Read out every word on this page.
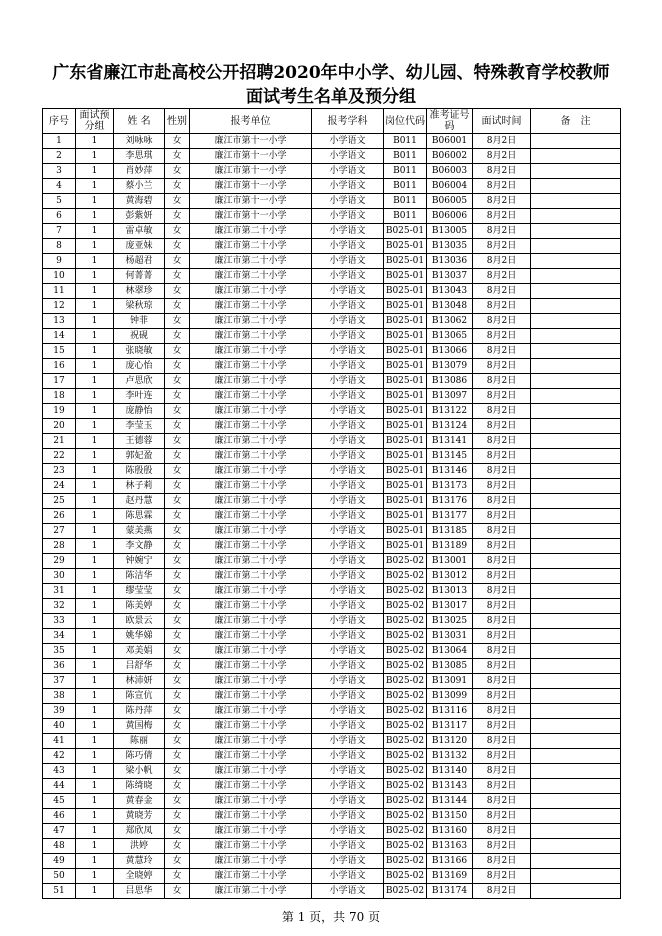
广东省廉江市赴高校公开招聘2020年中小学、幼儿园、特殊教育学校教师
面试考生名单及预分组
序号	面试预分组	姓 名	性别	报考单位	报考学科	岗位代码	准考证号码	面试时间	备　注
1	1	刘咏咏	女	廉江市第十一小学	小学语文	B011	B06001	8月2日	
2	1	李思琪	女	廉江市第十一小学	小学语文	B011	B06002	8月2日	
3	1	肖妙萍	女	廉江市第十一小学	小学语文	B011	B06003	8月2日	
4	1	蔡小兰	女	廉江市第十一小学	小学语文	B011	B06004	8月2日	
5	1	黄海碧	女	廉江市第十一小学	小学语文	B011	B06005	8月2日	
6	1	彭紫妍	女	廉江市第十一小学	小学语文	B011	B06006	8月2日	
7	1	雷卓敏	女	廉江市第二十小学	小学语文	B025-01	B13005	8月2日	
8	1	庞亚妹	女	廉江市第二十小学	小学语文	B025-01	B13035	8月2日	
9	1	杨超君	女	廉江市第二十小学	小学语文	B025-01	B13036	8月2日	
10	1	何菁菁	女	廉江市第二十小学	小学语文	B025-01	B13037	8月2日	
11	1	林翠珍	女	廉江市第二十小学	小学语文	B025-01	B13043	8月2日	
12	1	梁秋琼	女	廉江市第二十小学	小学语文	B025-01	B13048	8月2日	
13	1	钟菲	女	廉江市第二十小学	小学语文	B025-01	B13062	8月2日	
14	1	祝砚	女	廉江市第二十小学	小学语文	B025-01	B13065	8月2日	
15	1	张晓敏	女	廉江市第二十小学	小学语文	B025-01	B13066	8月2日	
16	1	庞心怡	女	廉江市第二十小学	小学语文	B025-01	B13079	8月2日	
17	1	卢思欣	女	廉江市第二十小学	小学语文	B025-01	B13086	8月2日	
18	1	李叶连	女	廉江市第二十小学	小学语文	B025-01	B13097	8月2日	
19	1	庞静怡	女	廉江市第二十小学	小学语文	B025-01	B13122	8月2日	
20	1	李莹玉	女	廉江市第二十小学	小学语文	B025-01	B13124	8月2日	
21	1	王德蓉	女	廉江市第二十小学	小学语文	B025-01	B13141	8月2日	
22	1	郭妃盈	女	廉江市第二十小学	小学语文	B025-01	B13145	8月2日	
23	1	陈殷殷	女	廉江市第二十小学	小学语文	B025-01	B13146	8月2日	
24	1	林子莉	女	廉江市第二十小学	小学语文	B025-01	B13173	8月2日	
25	1	赵丹慧	女	廉江市第二十小学	小学语文	B025-01	B13176	8月2日	
26	1	陈思霖	女	廉江市第二十小学	小学语文	B025-01	B13177	8月2日	
27	1	蒙美燕	女	廉江市第二十小学	小学语文	B025-01	B13185	8月2日	
28	1	李文静	女	廉江市第二十小学	小学语文	B025-01	B13189	8月2日	
29	1	钟婉宁	女	廉江市第二十小学	小学语文	B025-02	B13001	8月2日	
30	1	陈洁华	女	廉江市第二十小学	小学语文	B025-02	B13012	8月2日	
31	1	缪莹莹	女	廉江市第二十小学	小学语文	B025-02	B13013	8月2日	
32	1	陈美婷	女	廉江市第二十小学	小学语文	B025-02	B13017	8月2日	
33	1	欧景云	女	廉江市第二十小学	小学语文	B025-02	B13025	8月2日	
34	1	姚华娣	女	廉江市第二十小学	小学语文	B025-02	B13031	8月2日	
35	1	邓美娟	女	廉江市第二十小学	小学语文	B025-02	B13064	8月2日	
36	1	吕舒华	女	廉江市第二十小学	小学语文	B025-02	B13085	8月2日	
37	1	林沛妍	女	廉江市第二十小学	小学语文	B025-02	B13091	8月2日	
38	1	陈宣伉	女	廉江市第二十小学	小学语文	B025-02	B13099	8月2日	
39	1	陈丹萍	女	廉江市第二十小学	小学语文	B025-02	B13116	8月2日	
40	1	黄国梅	女	廉江市第二十小学	小学语文	B025-02	B13117	8月2日	
41	1	陈丽	女	廉江市第二十小学	小学语文	B025-02	B13120	8月2日	
42	1	陈巧倩	女	廉江市第二十小学	小学语文	B025-02	B13132	8月2日	
43	1	梁小帆	女	廉江市第二十小学	小学语文	B025-02	B13140	8月2日	
44	1	陈绮晓	女	廉江市第二十小学	小学语文	B025-02	B13143	8月2日	
45	1	黄春金	女	廉江市第二十小学	小学语文	B025-02	B13144	8月2日	
46	1	黄晓芳	女	廉江市第二十小学	小学语文	B025-02	B13150	8月2日	
47	1	郑欣凤	女	廉江市第二十小学	小学语文	B025-02	B13160	8月2日	
48	1	洪婷	女	廉江市第二十小学	小学语文	B025-02	B13163	8月2日	
49	1	黄慧玲	女	廉江市第二十小学	小学语文	B025-02	B13166	8月2日	
50	1	全晓婷	女	廉江市第二十小学	小学语文	B025-02	B13169	8月2日	
51	1	吕思华	女	廉江市第二十小学	小学语文	B025-02	B13174	8月2日	
第 1 页，共 70 页
